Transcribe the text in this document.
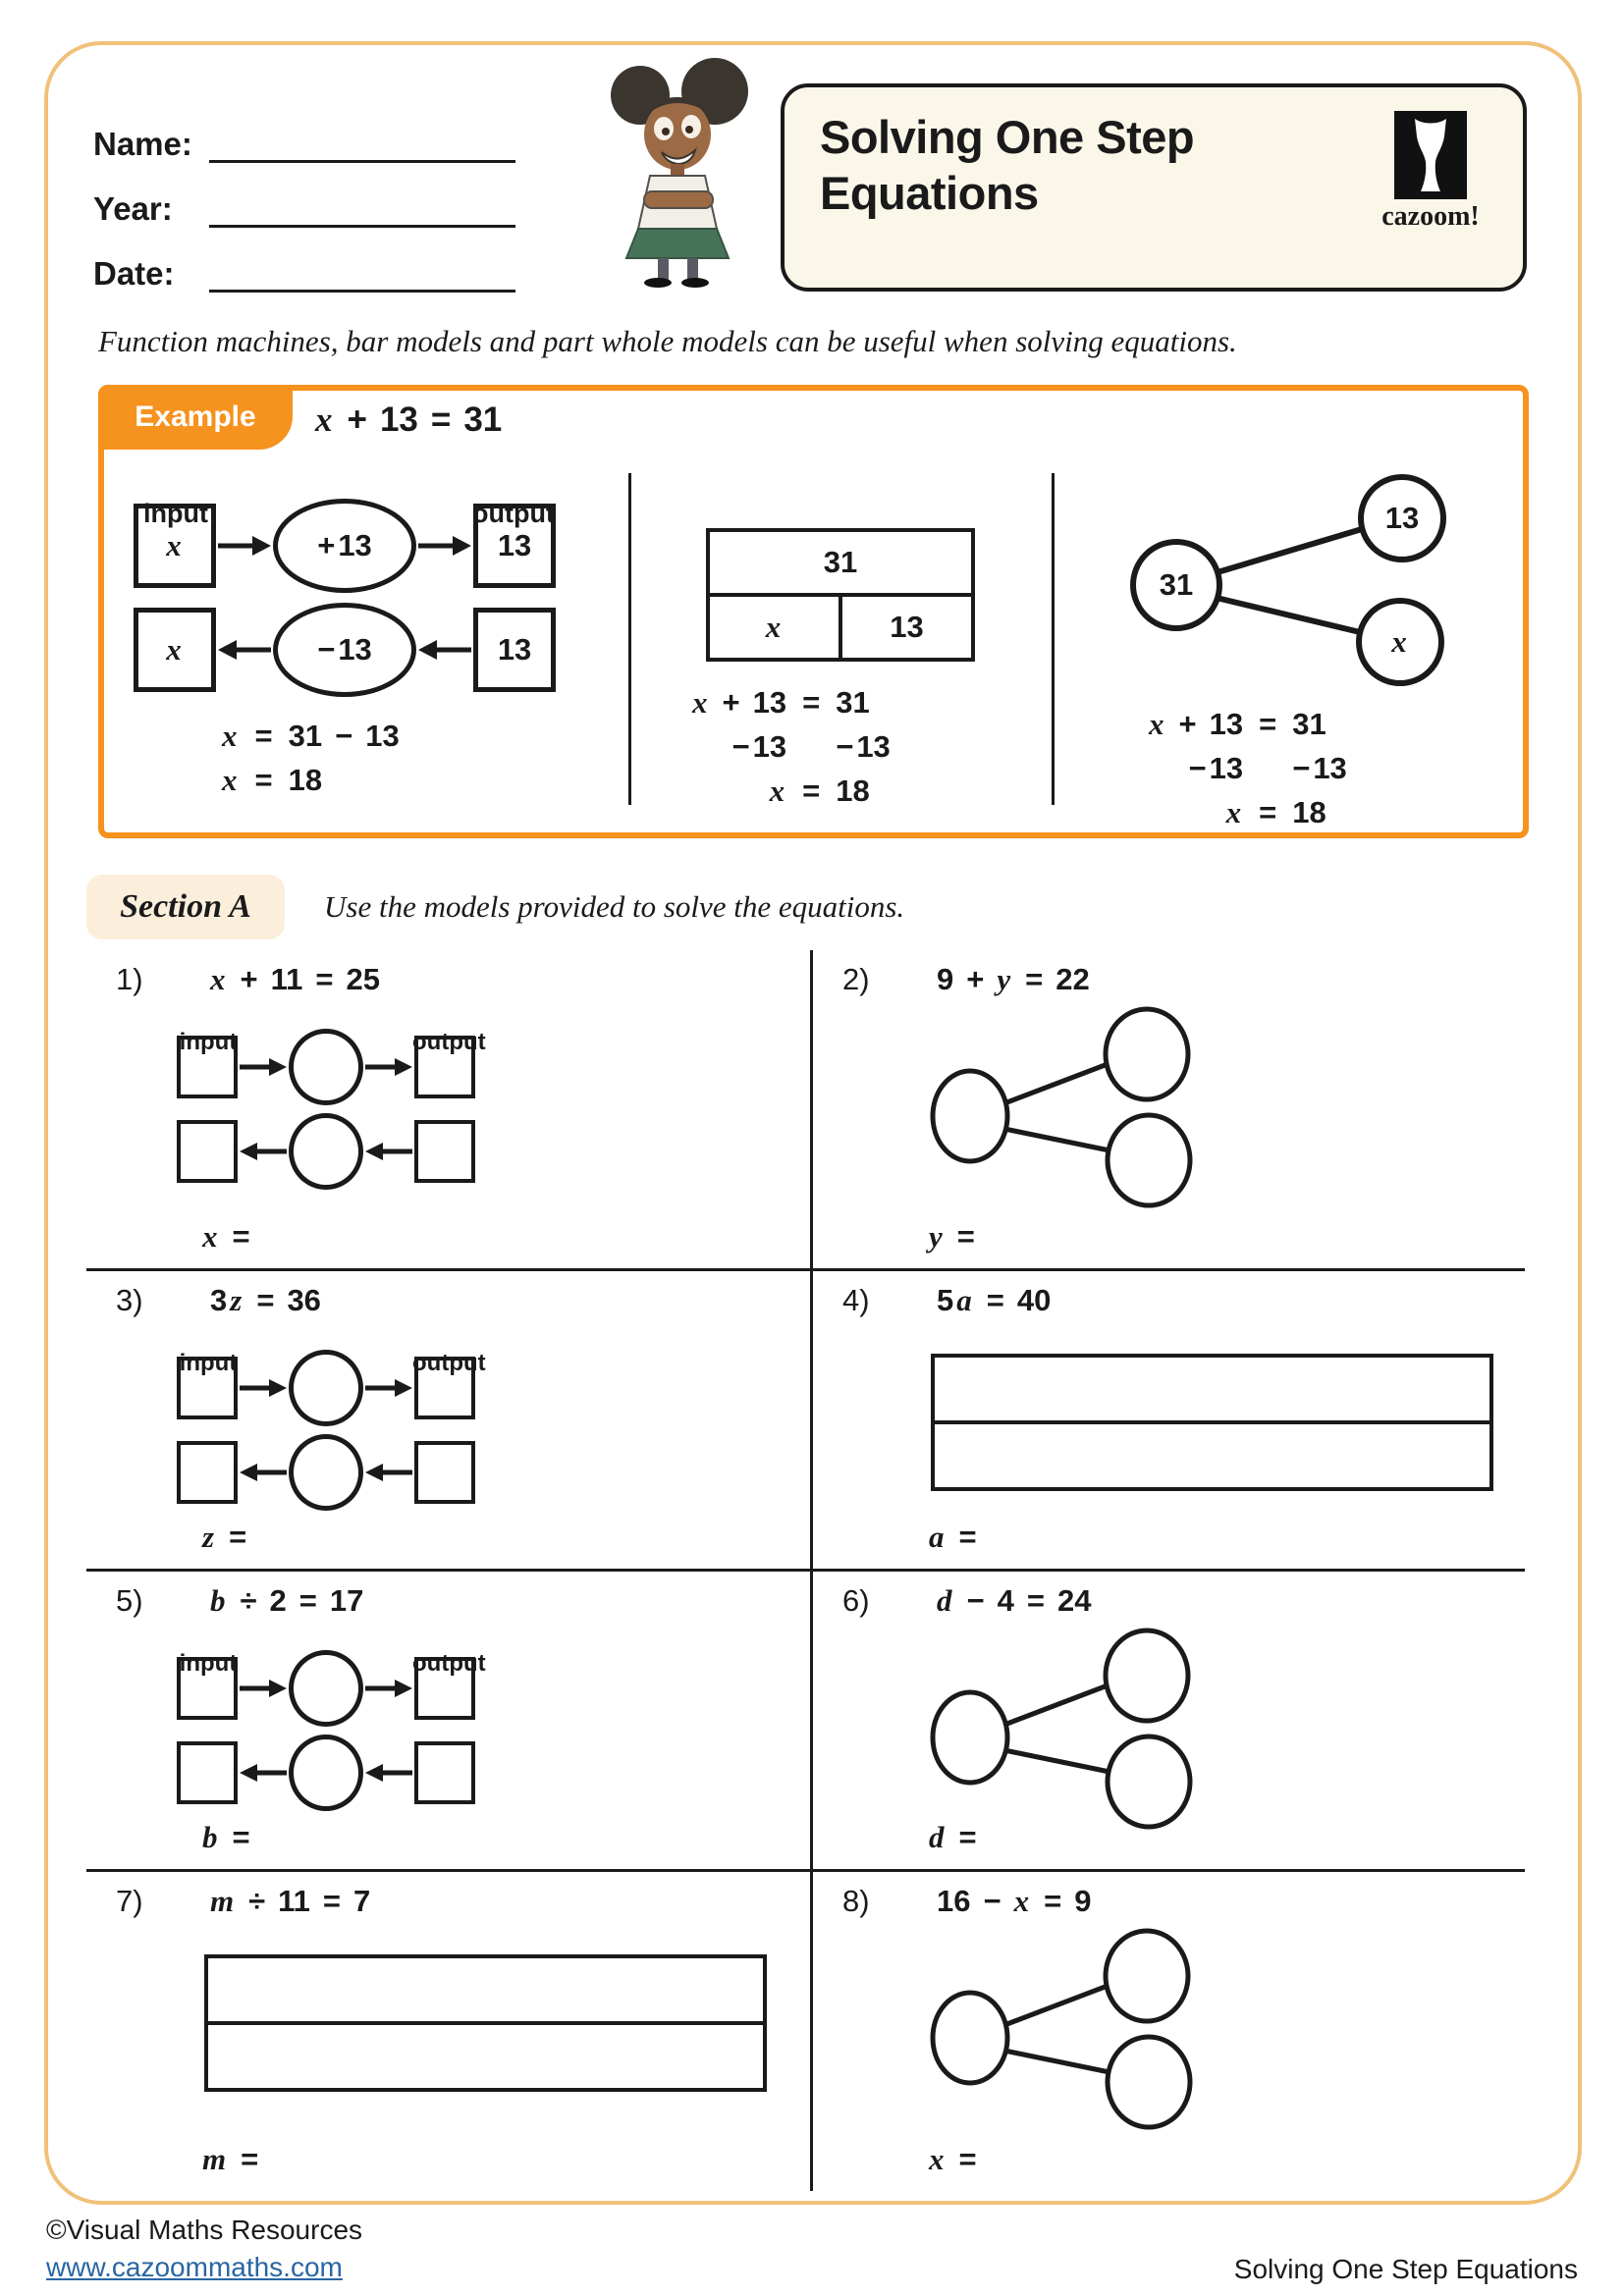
Name:
Year:
Date:
Solving One Step
Equations	cazoom!
Function machines, bar models and part whole models can be useful when solving equations.
Example	x + 13 = 31
input	output
x	+ 13	13
x	− 13	13
x = 31 − 13
x = 18
31
x	13
x + 13 = 31
−13 −13
x = 18
31
13
x
x + 13 = 31
−13 −13
x = 18
Section A	Use the models provided to solve the equations.
1)	x + 11 = 25
input	output
x =
2)	9 + y = 22
y =
3)	3z = 36
input	output
z =
4)	5a = 40
a =
5)	b ÷ 2 = 17
input	output
b =
6)	d − 4 = 24
d =
7)	m ÷ 11 = 7
m =
8)	16 − x = 9
x =
©Visual Maths Resources
www.cazoommaths.com	Solving One Step Equations
